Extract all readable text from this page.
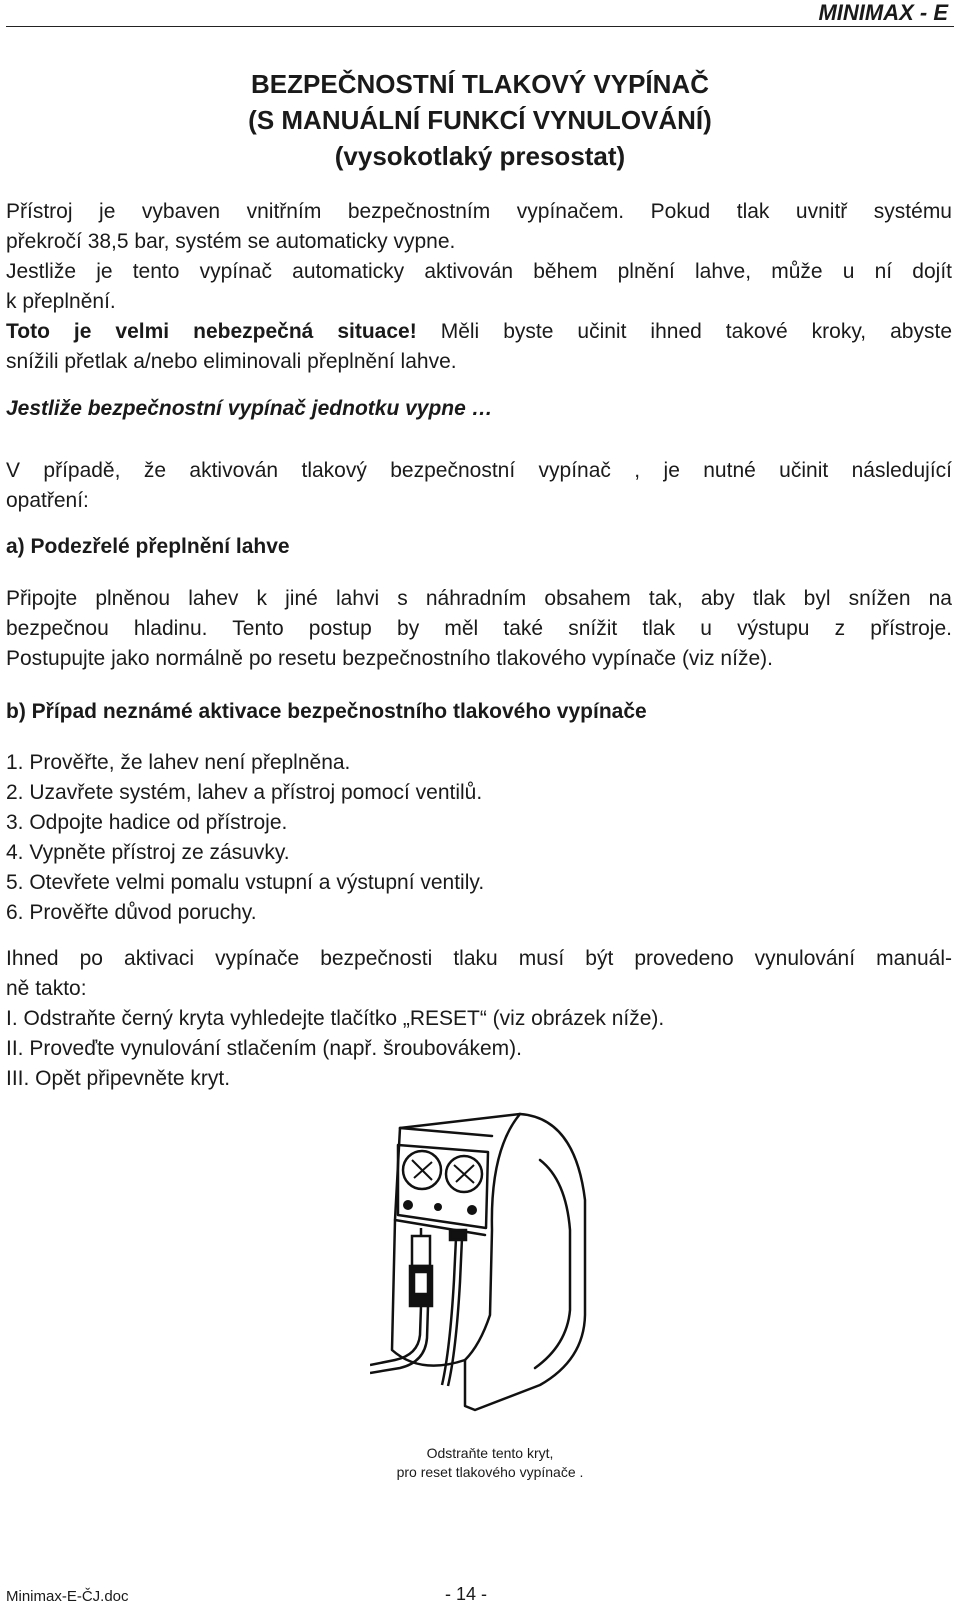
MINIMAX - E
BEZPEČNOSTNÍ TLAKOVÝ VYPÍNAČ
(S MANUÁLNÍ FUNKCÍ VYNULOVÁNÍ)
(vysokotlaký presostat)
Přístroj je vybaven vnitřním bezpečnostním vypínačem. Pokud tlak uvnitř systému
překročí 38,5 bar, systém se automaticky vypne.
Jestliže je tento vypínač automaticky aktivován během plnění lahve, může u ní dojít
k přeplnění.
Toto je velmi nebezpečná situace! Měli byste učinit ihned takové kroky, abyste
snížili přetlak a/nebo eliminovali přeplnění lahve.
Jestliže bezpečnostní vypínač jednotku vypne …
V případě, že aktivován tlakový bezpečnostní vypínač , je nutné učinit následující
opatření:
a) Podezřelé přeplnění lahve
Připojte plněnou lahev k jiné lahvi s náhradním obsahem tak, aby tlak byl snížen na
bezpečnou hladinu. Tento postup by měl také snížit tlak u výstupu z přístroje.
Postupujte jako normálně po resetu bezpečnostního tlakového vypínače (viz níže).
b) Případ neznámé aktivace bezpečnostního tlakového vypínače
1. Prověřte, že lahev není přeplněna.
2. Uzavřete systém, lahev a přístroj pomocí ventilů.
3. Odpojte hadice od přístroje.
4. Vypněte přístroj ze zásuvky.
5. Otevřete velmi pomalu vstupní a výstupní ventily.
6. Prověřte důvod poruchy.
Ihned po aktivaci vypínače bezpečnosti tlaku musí být provedeno vynulování manuál-
ně takto:
I. Odstraňte černý kryta vyhledejte tlačítko „RESET“ (viz obrázek níže).
II. Proveďte vynulování stlačením (např. šroubovákem).
III. Opět připevněte kryt.
Odstraňte tento kryt,
pro reset tlakového vypínače .
Minimax-E-ČJ.doc	- 14 -
